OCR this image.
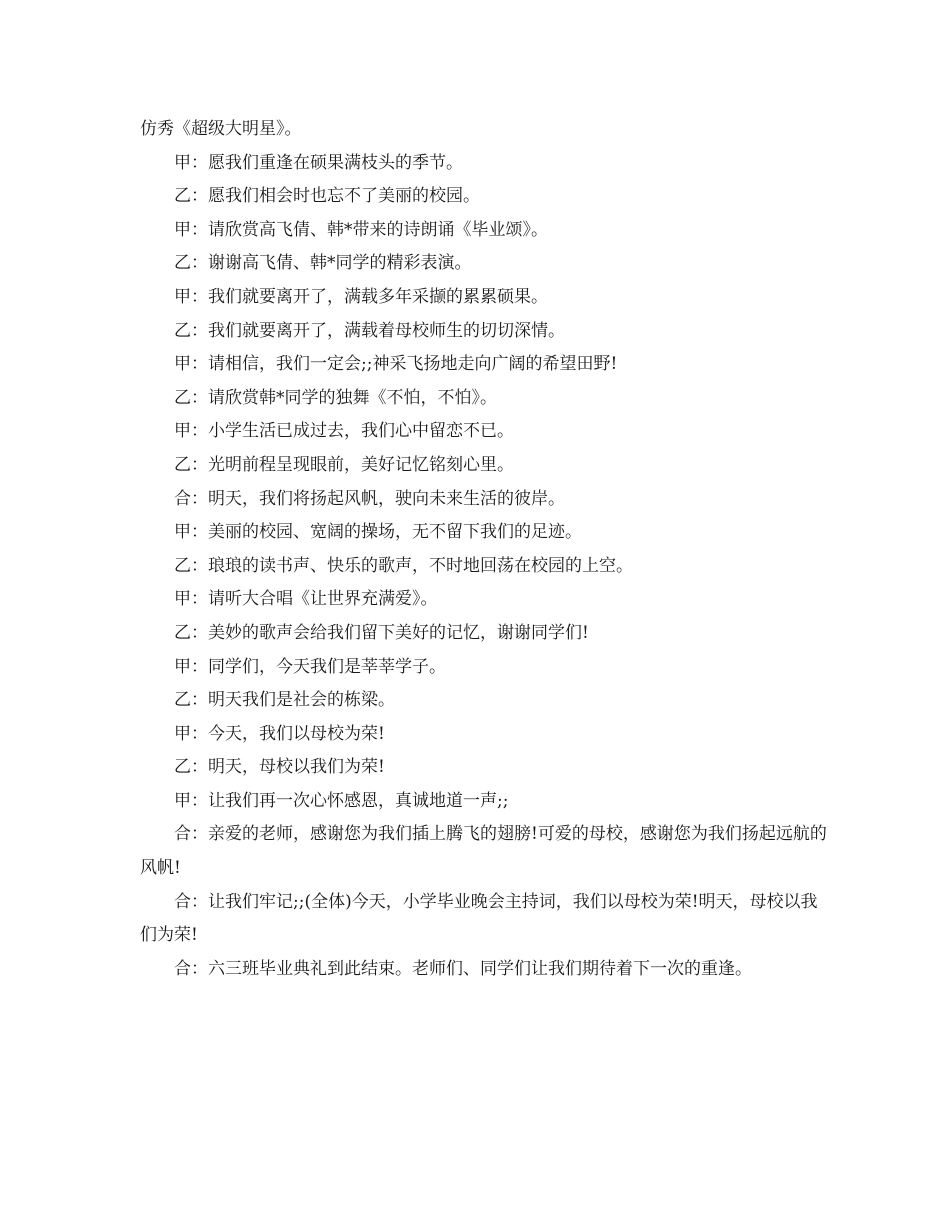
仿秀《超级大明星》。

甲：愿我们重逢在硕果满枝头的季节。

乙：愿我们相会时也忘不了美丽的校园。

甲：请欣赏高飞倩、韩*带来的诗朗诵《毕业颂》。

乙：谢谢高飞倩、韩*同学的精彩表演。

甲：我们就要离开了，满载多年采撷的累累硕果。

乙：我们就要离开了，满载着母校师生的切切深情。

甲：请相信，我们一定会;;神采飞扬地走向广阔的希望田野!

乙：请欣赏韩*同学的独舞《不怕，不怕》。

甲：小学生活已成过去，我们心中留恋不已。

乙：光明前程呈现眼前，美好记忆铭刻心里。

合：明天，我们将扬起风帆，驶向未来生活的彼岸。

甲：美丽的校园、宽阔的操场，无不留下我们的足迹。

乙：琅琅的读书声、快乐的歌声，不时地回荡在校园的上空。

甲：请听大合唱《让世界充满爱》。

乙：美妙的歌声会给我们留下美好的记忆，谢谢同学们!

甲：同学们，今天我们是莘莘学子。

乙：明天我们是社会的栋梁。

甲：今天，我们以母校为荣!

乙：明天，母校以我们为荣!

甲：让我们再一次心怀感恩，真诚地道一声;;

合：亲爱的老师，感谢您为我们插上腾飞的翅膀!可爱的母校，感谢您为我们扬起远航的风帆!

合：让我们牢记;;(全体)今天，小学毕业晚会主持词，我们以母校为荣!明天，母校以我们为荣!

合：六三班毕业典礼到此结束。老师们、同学们让我们期待着下一次的重逢。
